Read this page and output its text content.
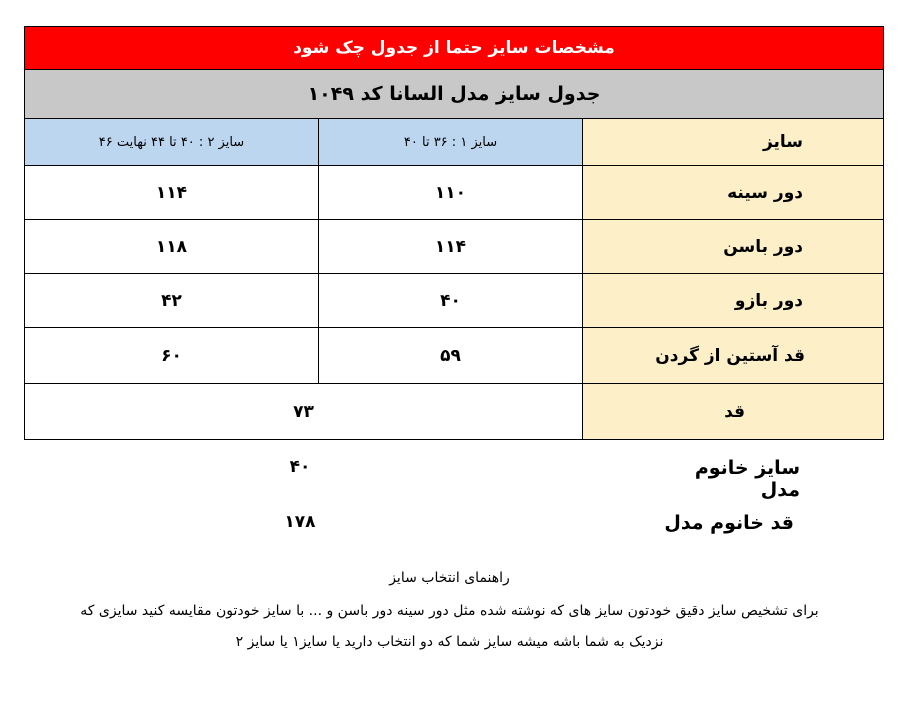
مشخصات سایز حتما از جدول چک شود		
جدول سایز مدل السانا کد ۱۰۴۹		
سایز ۲ : ۴۰ تا ۴۴ نهایت ۴۶	سایز ۱ : ۳۶ تا ۴۰	سایز
۱۱۴	۱۱۰	دور سینه
۱۱۸	۱۱۴	دور باسن
۴۲	۴۰	دور بازو
۶۰	۵۹	قد آستین از گردن
۷۳		قد
سایز خانوم مدل
۴۰
قد خانوم مدل
۱۷۸
راهنمای انتخاب سایز
برای تشخیص سایز دقیق خودتون سایز های که نوشته شده مثل دور سینه دور باسن و ... با سایز خودتون مقایسه کنید سایزی که
نزدیک به شما باشه میشه سایز شما که دو انتخاب دارید یا سایز۱ یا سایز ۲
